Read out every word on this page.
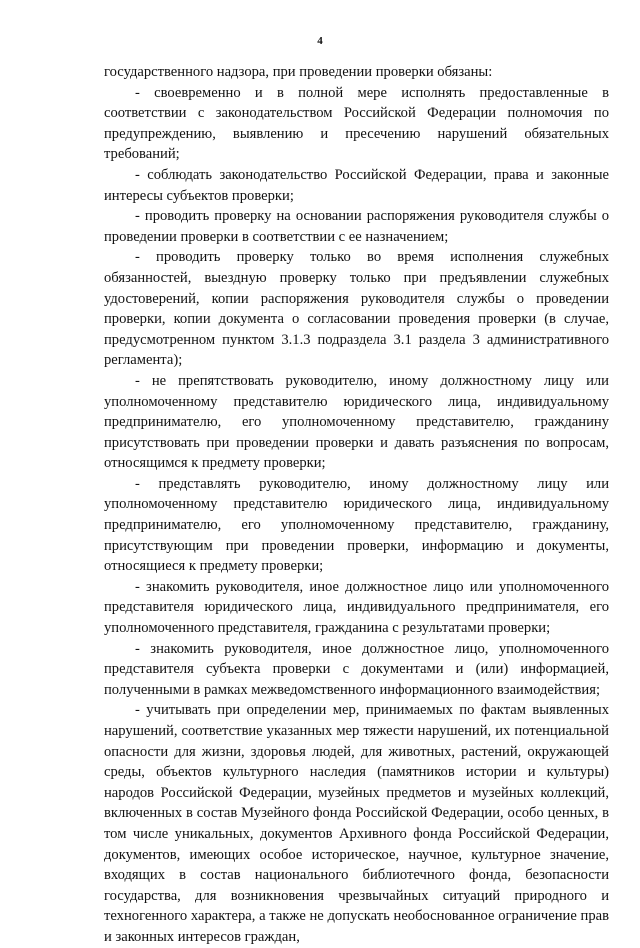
4

государственного надзора, при проведении проверки обязаны:

- своевременно и в полной мере исполнять предоставленные в соответствии с законодательством Российской Федерации полномочия по предупреждению, выявлению и пресечению нарушений обязательных требований;

- соблюдать законодательство Российской Федерации, права и законные интересы субъектов проверки;

- проводить проверку на основании распоряжения руководителя службы о проведении проверки в соответствии с ее назначением;

- проводить проверку только во время исполнения служебных обязанностей, выездную проверку только при предъявлении служебных удостоверений, копии распоряжения руководителя службы о проведении проверки, копии документа о согласовании проведения проверки (в случае, предусмотренном пунктом 3.1.3 подраздела 3.1 раздела 3 административного регламента);

- не препятствовать руководителю, иному должностному лицу или уполномоченному представителю юридического лица, индивидуальному предпринимателю, его уполномоченному представителю, гражданину присутствовать при проведении проверки и давать разъяснения по вопросам, относящимся к предмету проверки;

- представлять руководителю, иному должностному лицу или уполномоченному представителю юридического лица, индивидуальному предпринимателю, его уполномоченному представителю, гражданину, присутствующим при проведении проверки, информацию и документы, относящиеся к предмету проверки;

- знакомить руководителя, иное должностное лицо или уполномоченного представителя юридического лица, индивидуального предпринимателя, его уполномоченного представителя, гражданина с результатами проверки;

- знакомить руководителя, иное должностное лицо, уполномоченного представителя субъекта проверки с документами и (или) информацией, полученными в рамках межведомственного информационного взаимодействия;

- учитывать при определении мер, принимаемых по фактам выявленных нарушений, соответствие указанных мер тяжести нарушений, их потенциальной опасности для жизни, здоровья людей, для животных, растений, окружающей среды, объектов культурного наследия (памятников истории и культуры) народов Российской Федерации, музейных предметов и музейных коллекций, включенных в состав Музейного фонда Российской Федерации, особо ценных, в том числе уникальных, документов Архивного фонда Российской Федерации, документов, имеющих особое историческое, научное, культурное значение, входящих в состав национального библиотечного фонда, безопасности государства, для возникновения чрезвычайных ситуаций природного и техногенного характера, а также не допускать необоснованное ограничение прав и законных интересов граждан,
